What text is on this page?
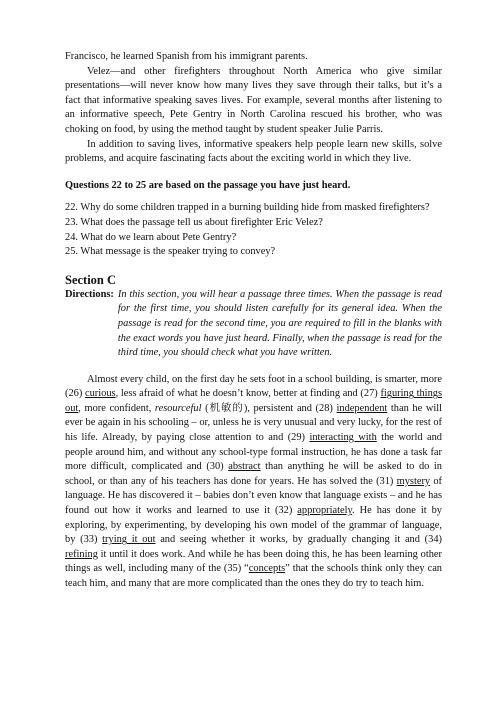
Francisco, he learned Spanish from his immigrant parents.

Velez—and other firefighters throughout North America who give similar presentations—will never know how many lives they save through their talks, but it’s a fact that informative speaking saves lives. For example, several months after listening to an informative speech, Pete Gentry in North Carolina rescued his brother, who was choking on food, by using the method taught by student speaker Julie Parris.

In addition to saving lives, informative speakers help people learn new skills, solve problems, and acquire fascinating facts about the exciting world in which they live.

Questions 22 to 25 are based on the passage you have just heard.

22. Why do some children trapped in a burning building hide from masked firefighters?
23. What does the passage tell us about firefighter Eric Velez?
24. What do we learn about Pete Gentry?
25. What message is the speaker trying to convey?
Section C
Directions: In this section, you will hear a passage three times. When the passage is read for the first time, you should listen carefully for its general idea. When the passage is read for the second time, you are required to fill in the blanks with the exact words you have just heard. Finally, when the passage is read for the third time, you should check what you have written.

Almost every child, on the first day he sets foot in a school building, is smarter, more (26) curious, less afraid of what he doesn’t know, better at finding and (27) figuring things out, more confident, resourceful (机敏的), persistent and (28) independent than he will ever be again in his schooling – or, unless he is very unusual and very lucky, for the rest of his life. Already, by paying close attention to and (29) interacting with the world and people around him, and without any school-type formal instruction, he has done a task far more difficult, complicated and (30) abstract than anything he will be asked to do in school, or than any of his teachers has done for years. He has solved the (31) mystery of language. He has discovered it – babies don’t even know that language exists – and he has found out how it works and learned to use it (32) appropriately. He has done it by exploring, by experimenting, by developing his own model of the grammar of language, by (33) trying it out and seeing whether it works, by gradually changing it and (34) refining it until it does work. And while he has been doing this, he has been learning other things as well, including many of the (35) “concepts” that the schools think only they can teach him, and many that are more complicated than the ones they do try to teach him.
